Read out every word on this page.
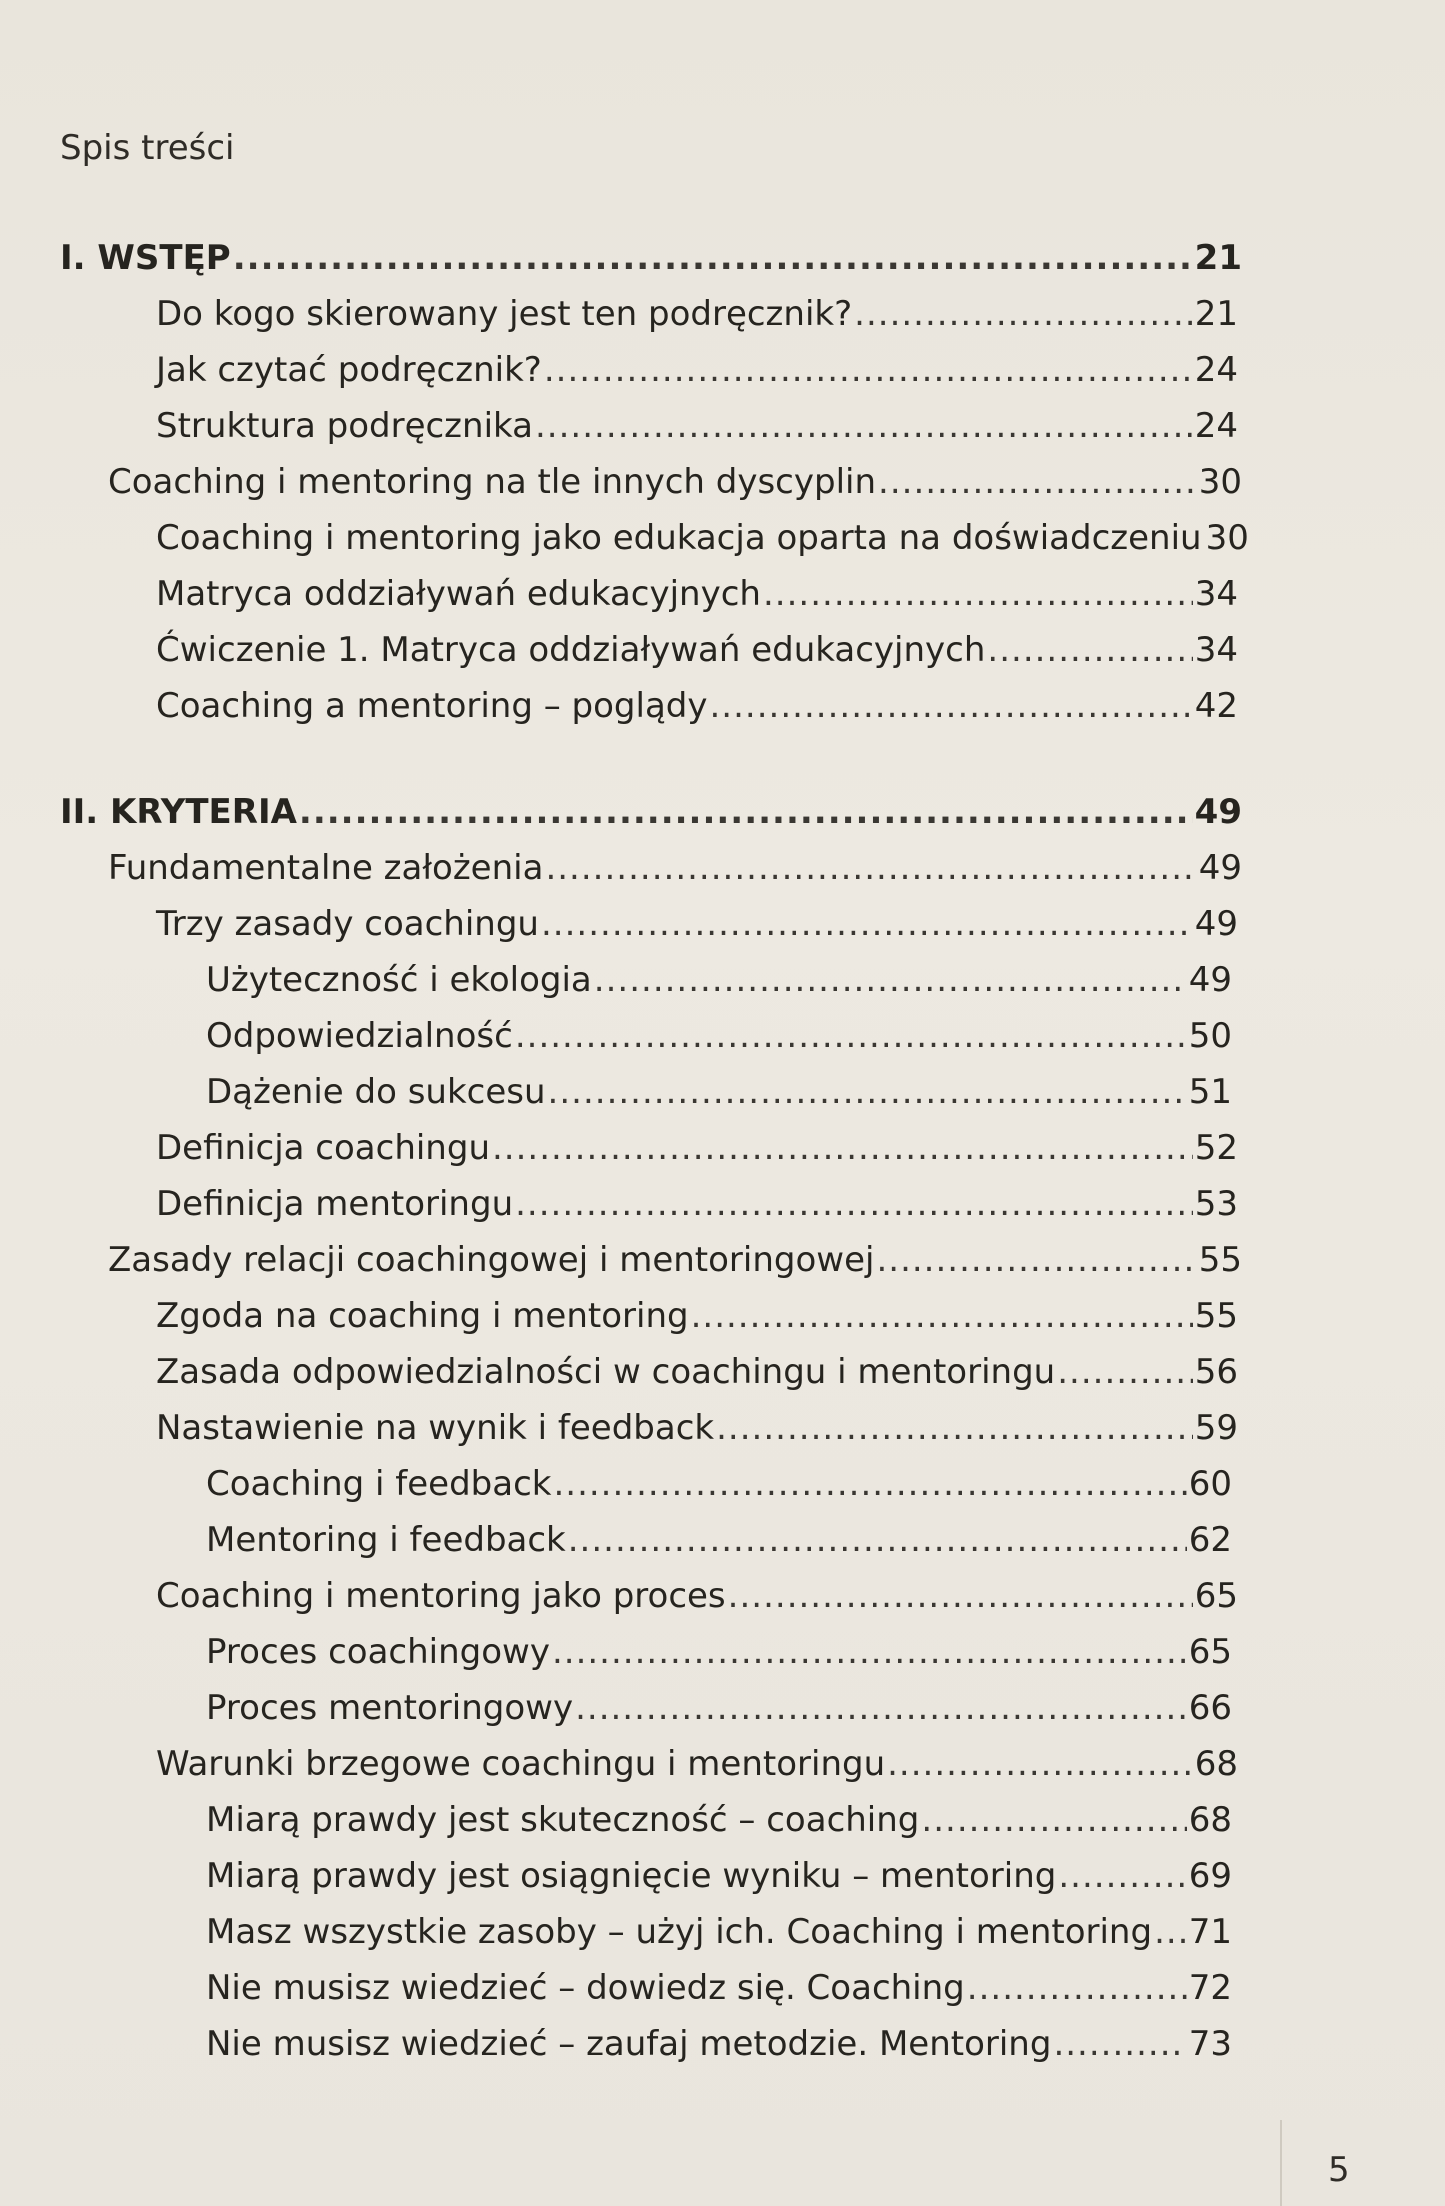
Spis treści
I. WSTĘP .....	21
Do kogo skierowany jest ten podręcznik? .....	21
Jak czytać podręcznik? .....	24
Struktura podręcznika .....	24
Coaching i mentoring na tle innych dyscyplin .....	30
Coaching i mentoring jako edukacja oparta na doświadczeniu 30
Matryca oddziaływań edukacyjnych .....	34
Ćwiczenie 1. Matryca oddziaływań edukacyjnych .....	34
Coaching a mentoring – poglądy .....	42
II. KRYTERIA .....	49
Fundamentalne założenia .....	49
Trzy zasady coachingu .....	49
Użyteczność i ekologia .....	49
Odpowiedzialność .....	50
Dążenie do sukcesu .....	51
Definicja coachingu .....	52
Definicja mentoringu .....	53
Zasady relacji coachingowej i mentoringowej .....	55
Zgoda na coaching i mentoring .....	55
Zasada odpowiedzialności w coachingu i mentoringu .....	56
Nastawienie na wynik i feedback .....	59
Coaching i feedback .....	60
Mentoring i feedback .....	62
Coaching i mentoring jako proces .....	65
Proces coachingowy .....	65
Proces mentoringowy .....	66
Warunki brzegowe coachingu i mentoringu .....	68
Miarą prawdy jest skuteczność – coaching .....	68
Miarą prawdy jest osiągnięcie wyniku – mentoring .....	69
Masz wszystkie zasoby – użyj ich. Coaching i mentoring ..... 71
Nie musisz wiedzieć – dowiedz się. Coaching .....	72
Nie musisz wiedzieć – zaufaj metodzie. Mentoring .....	73
5
